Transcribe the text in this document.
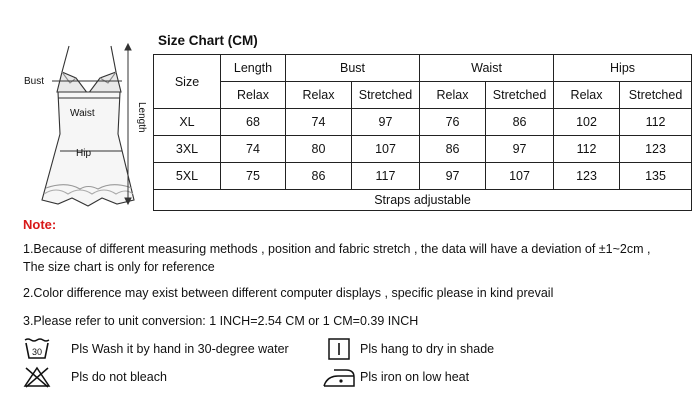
Bust
Waist
Hip
Length
Size Chart (CM)
Size	Length	Bust		Waist		Hips	
	Relax	Relax	Stretched	Relax	Stretched	Relax	Stretched
XL	68	74	97	76	86	102	112
3XL	74	80	107	86	97	112	123
5XL	75	86	117	97	107	123	135
Straps adjustable							
Note:
1.Because of different measuring methods , position and fabric stretch , the data will have a deviation of ±1~2cm ,
The size chart is only for reference
2.Color difference may exist between different computer displays , specific please in kind prevail
3.Please refer to unit conversion: 1 INCH=2.54 CM or 1 CM=0.39 INCH
30 Pls Wash it by hand in 30-degree water	Pls hang to dry in shade
Pls do not bleach	Pls iron on low heat
